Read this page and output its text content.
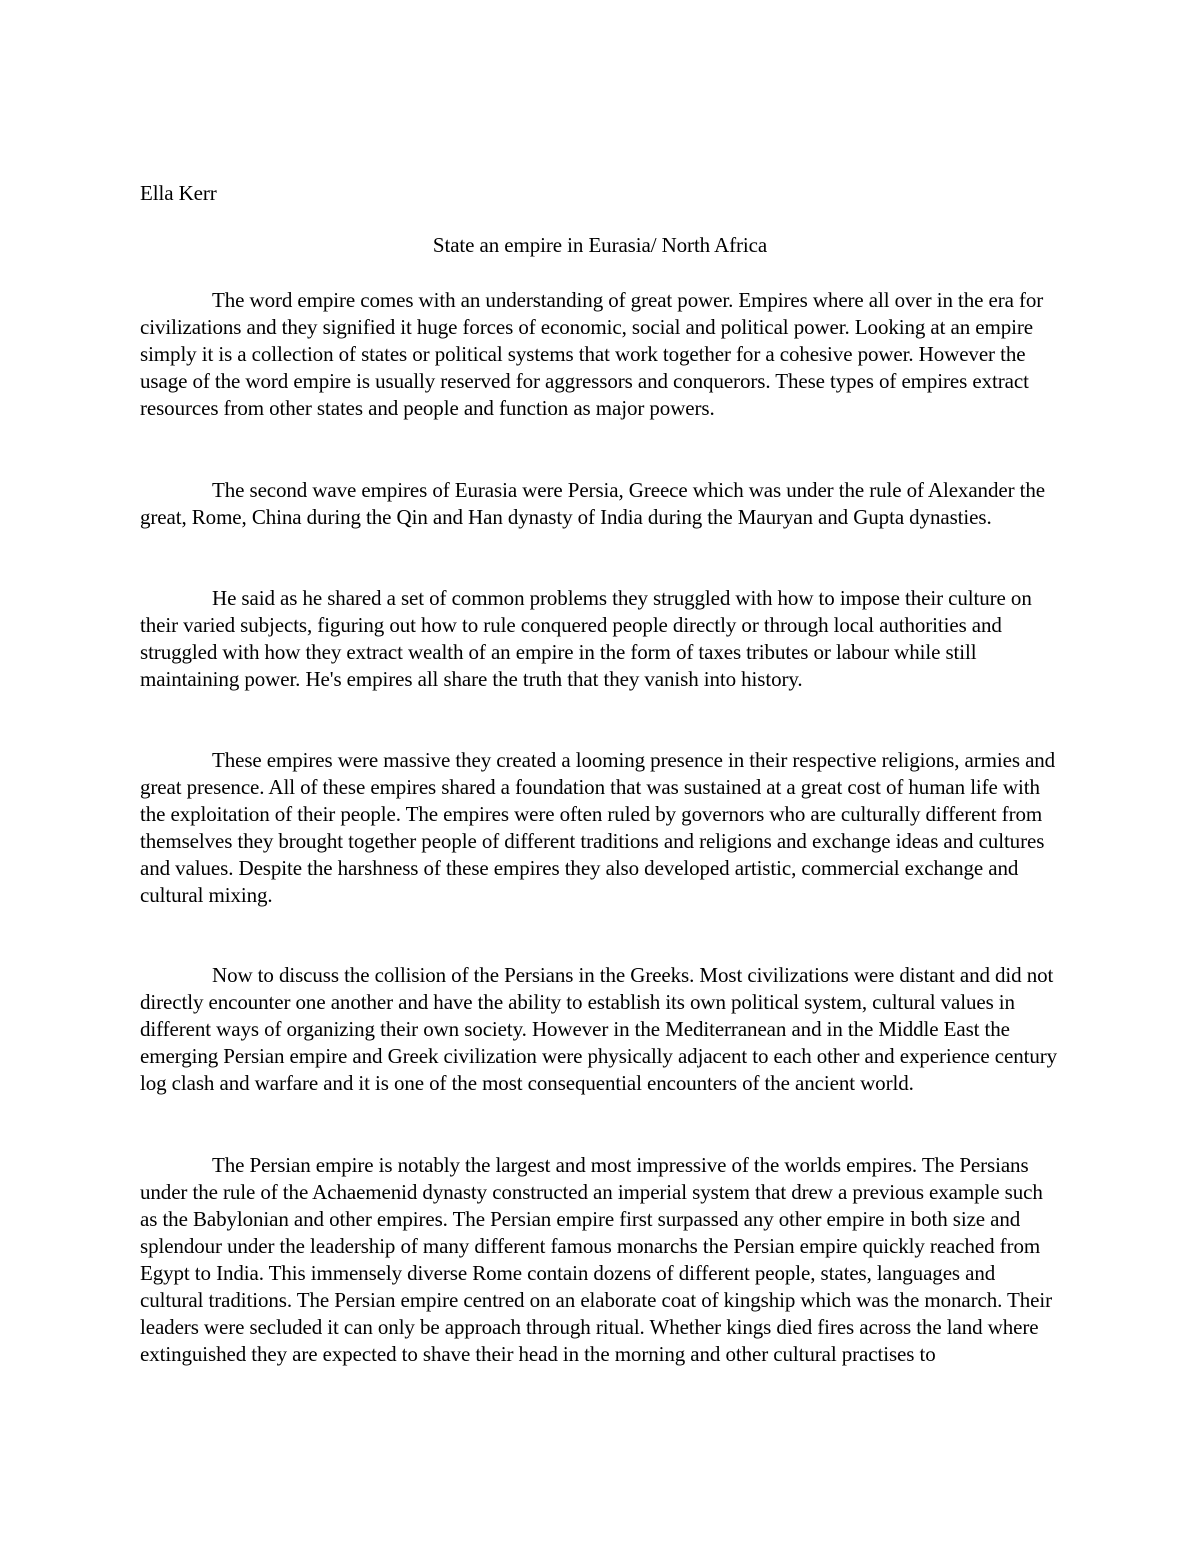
Ella Kerr
State an empire in Eurasia/ North Africa
The word empire comes with an understanding of great power. Empires where all over in the era for civilizations and they signified it huge forces of economic, social and political power. Looking at an empire simply it is a collection of states or political systems that work together for a cohesive power. However the usage of the word empire is usually reserved for aggressors and conquerors. These types of empires extract resources from other states and people and function as major powers.
The second wave empires of Eurasia were Persia, Greece which was under the rule of Alexander the great, Rome, China during the Qin and Han dynasty of India during the Mauryan and Gupta dynasties.
He said as he shared a set of common problems they struggled with how to impose their culture on their varied subjects, figuring out how to rule conquered people directly or through local authorities and struggled with how they extract wealth of an empire in the form of taxes tributes or labour while still maintaining power. He's empires all share the truth that they vanish into history.
These empires were massive they created a looming presence in their respective religions, armies and great presence. All of these empires shared a foundation that was sustained at a great cost of human life with the exploitation of their people. The empires were often ruled by governors who are culturally different from themselves they brought together people of different traditions and religions and exchange ideas and cultures and values. Despite the harshness of these empires they also developed artistic, commercial exchange and cultural mixing.
Now to discuss the collision of the Persians in the Greeks. Most civilizations were distant and did not directly encounter one another and have the ability to establish its own political system, cultural values in different ways of organizing their own society. However in the Mediterranean and in the Middle East the emerging Persian empire and Greek civilization were physically adjacent to each other and experience century log clash and warfare and it is one of the most consequential encounters of the ancient world.
The Persian empire is notably the largest and most impressive of the worlds empires. The Persians under the rule of the Achaemenid dynasty constructed an imperial system that drew a previous example such as the Babylonian and other empires. The Persian empire first surpassed any other empire in both size and splendour under the leadership of many different famous monarchs the Persian empire quickly reached from Egypt to India. This immensely diverse Rome contain dozens of different people, states, languages and cultural traditions. The Persian empire centred on an elaborate coat of kingship which was the monarch. Their leaders were secluded it can only be approach through ritual. Whether kings died fires across the land where extinguished they are expected to shave their head in the morning and other cultural practises to
